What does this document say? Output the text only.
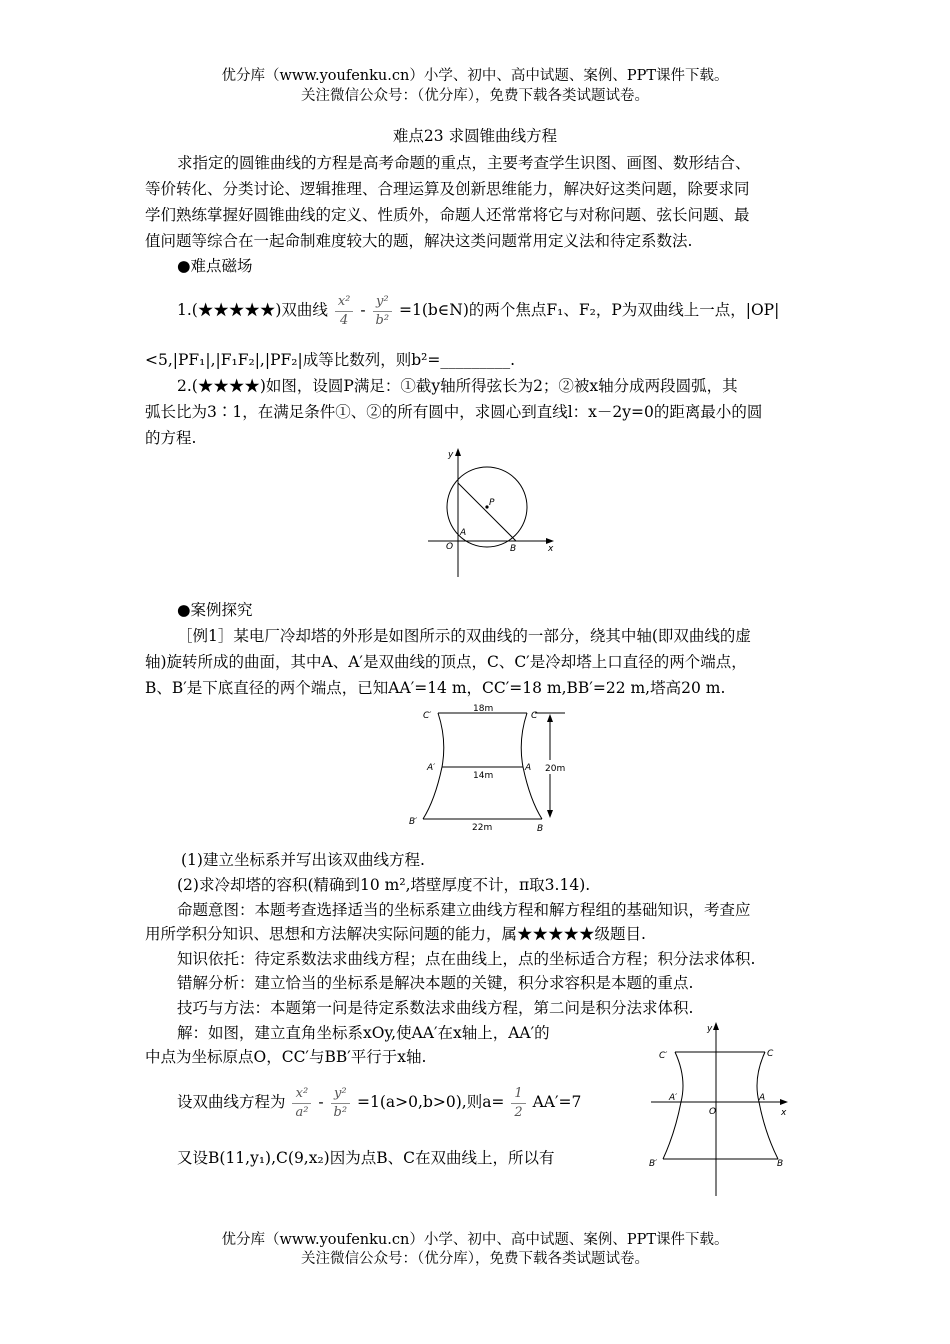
优分库（www.youfenku.cn）小学、初中、高中试题、案例、PPT课件下载。
关注微信公众号：（优分库），免费下载各类试题试卷。
难点23 求圆锥曲线方程
求指定的圆锥曲线的方程是高考命题的重点，主要考查学生识图、画图、数形结合、
等价转化、分类讨论、逻辑推理、合理运算及创新思维能力，解决好这类问题，除要求同
学们熟练掌握好圆锥曲线的定义、性质外，命题人还常常将它与对称问题、弦长问题、最
值问题等综合在一起命制难度较大的题，解决这类问题常用定义法和待定系数法.
●难点磁场
1.(★★★★★)双曲线 $\frac{\text{x²}}{4} - \frac{\text{y²}}{\text{b²}}$ =1(b∈N)的两个焦点F₁、F₂，P为双曲线上一点，|OP|
<5,|PF₁|,|F₁F₂|,|PF₂|成等比数列，则b²=_________.
2.(★★★★)如图，设圆P满足：①截y轴所得弦长为2；②被x轴分成两段圆弧，其
弧长比为3∶1，在满足条件①、②的所有圆中，求圆心到直线l：x－2y=0的距离最小的圆
的方程.
y
x
O
A
B
P
●案例探究
［例1］某电厂冷却塔的外形是如图所示的双曲线的一部分，绕其中轴(即双曲线的虚
轴)旋转所成的曲面，其中A、A′是双曲线的顶点，C、C′是冷却塔上口直径的两个端点，
B、B′是下底直径的两个端点，已知AA′=14 m，CC′=18 m,BB′=22 m,塔高20 m.
20m
18m
14m
22m
C′	C
A′	A
B′
B
(1)建立坐标系并写出该双曲线方程.
(2)求冷却塔的容积(精确到10 m²,塔壁厚度不计，π取3.14).
命题意图：本题考查选择适当的坐标系建立曲线方程和解方程组的基础知识，考查应
用所学积分知识、思想和方法解决实际问题的能力，属★★★★★级题目.
知识依托：待定系数法求曲线方程；点在曲线上，点的坐标适合方程；积分法求体积.
错解分析：建立恰当的坐标系是解决本题的关键，积分求容积是本题的重点.
技巧与方法：本题第一问是待定系数法求曲线方程，第二问是积分法求体积.
解：如图，建立直角坐标系xOy,使AA′在x轴上，AA′的
中点为坐标原点O，CC′与BB′平行于x轴.
设双曲线方程为 $\frac{\text{x²}}{\text{a²}} - \frac{\text{y²}}{\text{b²}} =1(a>0,b>0)$,则$a= \frac{1}{2} AA'=7$
又设B(11,y₁),C(9,x₂)因为点B、C在双曲线上，所以有
y
x
O
C′	C
A′	A
B′	B
优分库（www.youfenku.cn）小学、初中、高中试题、案例、PPT课件下载。
关注微信公众号：（优分库），免费下载各类试题试卷。
